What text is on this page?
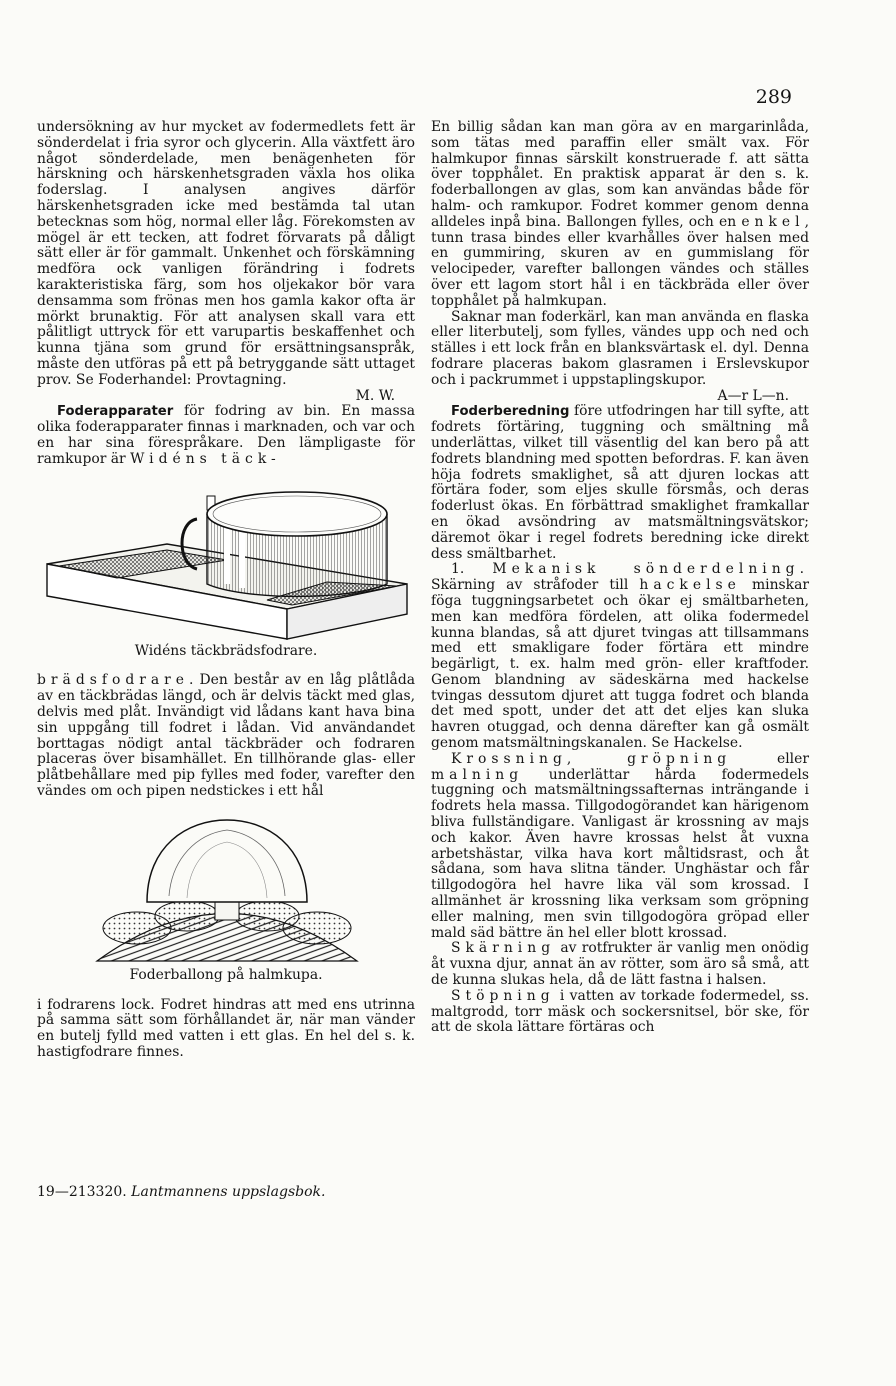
289

undersökning av hur mycket av fodermedlets fett är sönderdelat i fria syror och glycerin. Alla växtfett äro något sönderdelade, men benägenheten för härskning och härskenhetsgraden växla hos olika foderslag. I analysen angives därför härskenhetsgraden icke med bestämda tal utan betecknas som hög, normal eller låg. Förekomsten av mögel är ett tecken, att fodret förvarats på dåligt sätt eller är för gammalt. Unkenhet och förskämning medföra ock vanligen förändring i fodrets karakteristiska färg, som hos oljekakor bör vara densamma som frönas men hos gamla kakor ofta är mörkt brunaktig. För att analysen skall vara ett pålitligt uttryck för ett varupartis beskaffenhet och kunna tjäna som grund för ersättningsanspråk, måste den utföras på ett på betryggande sätt uttaget prov. Se Foderhandel: Provtagning.

M. W.

Foderapparater för fodring av bin. En massa olika foderapparater finnas i marknaden, och var och en har sina förespråkare. Den lämpligaste för ramkupor är Widéns täck-

Widéns täckbrädsfodrare.

brädsfodrare. Den består av en låg plåtlåda av en täckbrädas längd, och är delvis täckt med glas, delvis med plåt. Invändigt vid lådans kant hava bina sin uppgång till fodret i lådan. Vid användandet borttagas nödigt antal täckbräder och fodraren placeras över bisamhället. En tillhörande glas- eller plåtbehållare med pip fylles med foder, varefter den vändes om och pipen nedstickes i ett hål

Foderballong på halmkupa.

i fodrarens lock. Fodret hindras att med ens utrinna på samma sätt som förhållandet är, när man vänder en butelj fylld med vatten i ett glas. En hel del s. k. hastigfodrare finnes.

En billig sådan kan man göra av en margarinlåda, som tätas med paraffin eller smält vax. För halmkupor finnas särskilt konstruerade f. att sätta över topphålet. En praktisk apparat är den s. k. foderballongen av glas, som kan användas både för halm- och ramkupor. Fodret kommer genom denna alldeles inpå bina. Ballongen fylles, och en enkel, tunn trasa bindes eller kvarhålles över halsen med en gummiring, skuren av en gummislang för velocipeder, varefter ballongen vändes och ställes över ett lagom stort hål i en täckbräda eller över topphålet på halmkupan.

Saknar man foderkärl, kan man använda en flaska eller literbutelj, som fylles, vändes upp och ned och ställes i ett lock från en blanksvärtask el. dyl. Denna fodrare placeras bakom glasramen i Erslevskupor och i packrummet i uppstaplingskupor.

A—r L—n.

Foderberedning före utfodringen har till syfte, att fodrets förtäring, tuggning och smältning må underlättas, vilket till väsentlig del kan bero på att fodrets blandning med spotten befordras. F. kan även höja fodrets smaklighet, så att djuren lockas att förtära foder, som eljes skulle försmås, och deras foderlust ökas. En förbättrad smaklighet framkallar en ökad avsöndring av matsmältningsvätskor; däremot ökar i regel fodrets beredning icke direkt dess smältbarhet.

1. Mekanisk sönderdelning. Skärning av stråfoder till hackelse minskar föga tuggningsarbetet och ökar ej smältbarheten, men kan medföra fördelen, att olika fodermedel kunna blandas, så att djuret tvingas att tillsammans med ett smakligare foder förtära ett mindre begärligt, t. ex. halm med grön- eller kraftfoder. Genom blandning av sädeskärna med hackelse tvingas dessutom djuret att tugga fodret och blanda det med spott, under det att det eljes kan sluka havren otuggad, och denna därefter kan gå osmält genom matsmältningskanalen. Se Hackelse.

Krossning, gröpning eller malning underlättar hårda fodermedels tuggning och matsmältningssafternas inträngande i fodrets hela massa. Tillgodogörandet kan härigenom bliva fullständigare. Vanligast är krossning av majs och kakor. Även havre krossas helst åt vuxna arbetshästar, vilka hava kort måltidsrast, och åt sådana, som hava slitna tänder. Unghästar och får tillgodogöra hel havre lika väl som krossad. I allmänhet är krossning lika verksam som gröpning eller malning, men svin tillgodogöra gröpad eller mald säd bättre än hel eller blott krossad.

Skärning av rotfrukter är vanlig men onödig åt vuxna djur, annat än av rötter, som äro så små, att de kunna slukas hela, då de lätt fastna i halsen.

Stöpning i vatten av torkade fodermedel, ss. maltgrodd, torr mäsk och sockersnitsel, bör ske, för att de skola lättare förtäras och

19—213320. Lantmannens uppslagsbok.
